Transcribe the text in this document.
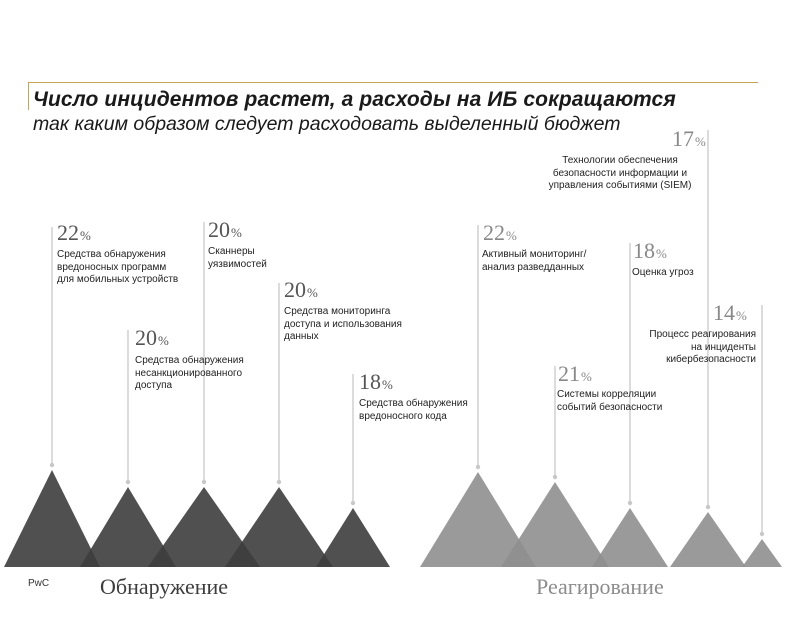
Число инцидентов растет, а расходы на ИБ сокращаются
так каким образом следует расходовать выделенный бюджет
22%
Средства обнаружения
вредоносных программ
для мобильных устройств
20%
Средства обнаружения
несанкционированного
доступа
20%
Сканнеры
уязвимостей
20%
Средства мониторинга
доступа и использования
данных
18%
Средства обнаружения
вредоносного кода
22%
Активный мониторинг/
анализ разведданных
21%
Системы корреляции
событий безопасности
18%
Оценка угроз
17%
Технологии обеспечения
безопасности информации и
управления событиями (SIEM)
14%
Процесс реагирования
на инциденты
кибербезопасности
PwC Обнаружение	Реагирование
